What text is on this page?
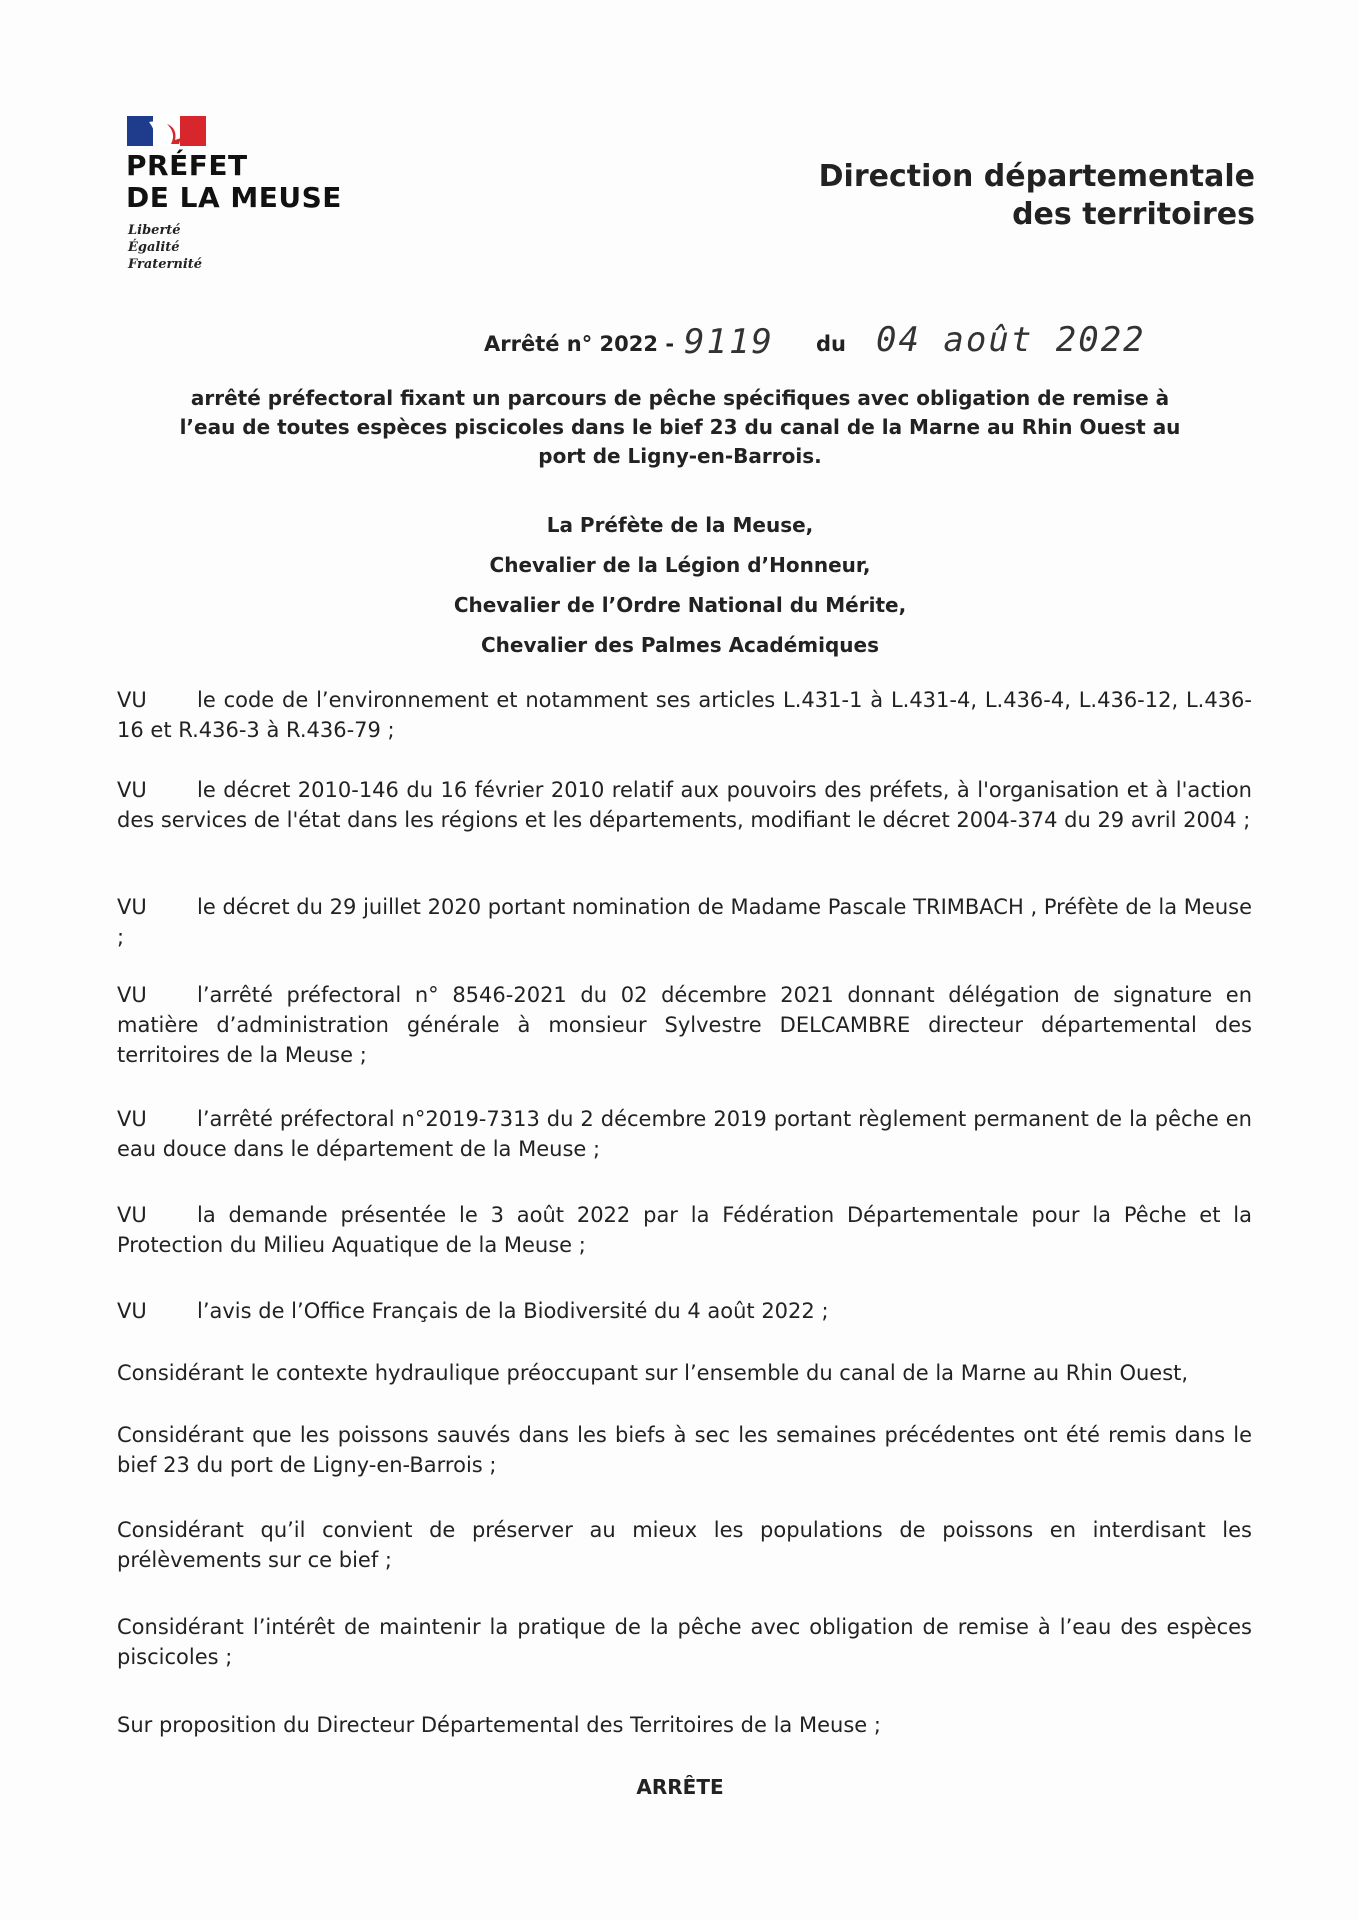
PRÉFET
DE LA MEUSE
Liberté
Égalité
Fraternité
Direction départementale
des territoires
Arrêté n° 2022 - 9119 du 04 août 2022
arrêté préfectoral fixant un parcours de pêche spécifiques avec obligation de remise à l’eau de toutes espèces piscicoles dans le bief 23 du canal de la Marne au Rhin Ouest au port de Ligny-en-Barrois.
La Préfète de la Meuse,
Chevalier de la Légion d’Honneur,
Chevalier de l’Ordre National du Mérite,
Chevalier des Palmes Académiques
VU le code de l’environnement et notamment ses articles L.431-1 à L.431-4, L.436-4, L.436-12, L.436-16 et R.436-3 à R.436-79 ;
VU le décret 2010-146 du 16 février 2010 relatif aux pouvoirs des préfets, à l'organisation et à l'action des services de l'état dans les régions et les départements, modifiant le décret 2004-374 du 29 avril 2004 ;
VU le décret du 29 juillet 2020 portant nomination de Madame Pascale TRIMBACH , Préfète de la Meuse ;
VU l’arrêté préfectoral n° 8546-2021 du 02 décembre 2021 donnant délégation de signature en matière d’administration générale à monsieur Sylvestre DELCAMBRE directeur départemental des territoires de la Meuse ;
VU l’arrêté préfectoral n°2019-7313 du 2 décembre 2019 portant règlement permanent de la pêche en eau douce dans le département de la Meuse ;
VU la demande présentée le 3 août 2022 par la Fédération Départementale pour la Pêche et la Protection du Milieu Aquatique de la Meuse ;
VU l’avis de l’Office Français de la Biodiversité du 4 août 2022 ;
Considérant le contexte hydraulique préoccupant sur l’ensemble du canal de la Marne au Rhin Ouest,
Considérant que les poissons sauvés dans les biefs à sec les semaines précédentes ont été remis dans le bief 23 du port de Ligny-en-Barrois ;
Considérant qu’il convient de préserver au mieux les populations de poissons en interdisant les prélèvements sur ce bief ;
Considérant l’intérêt de maintenir la pratique de la pêche avec obligation de remise à l’eau des espèces piscicoles ;
Sur proposition du Directeur Départemental des Territoires de la Meuse ;
ARRÊTE
